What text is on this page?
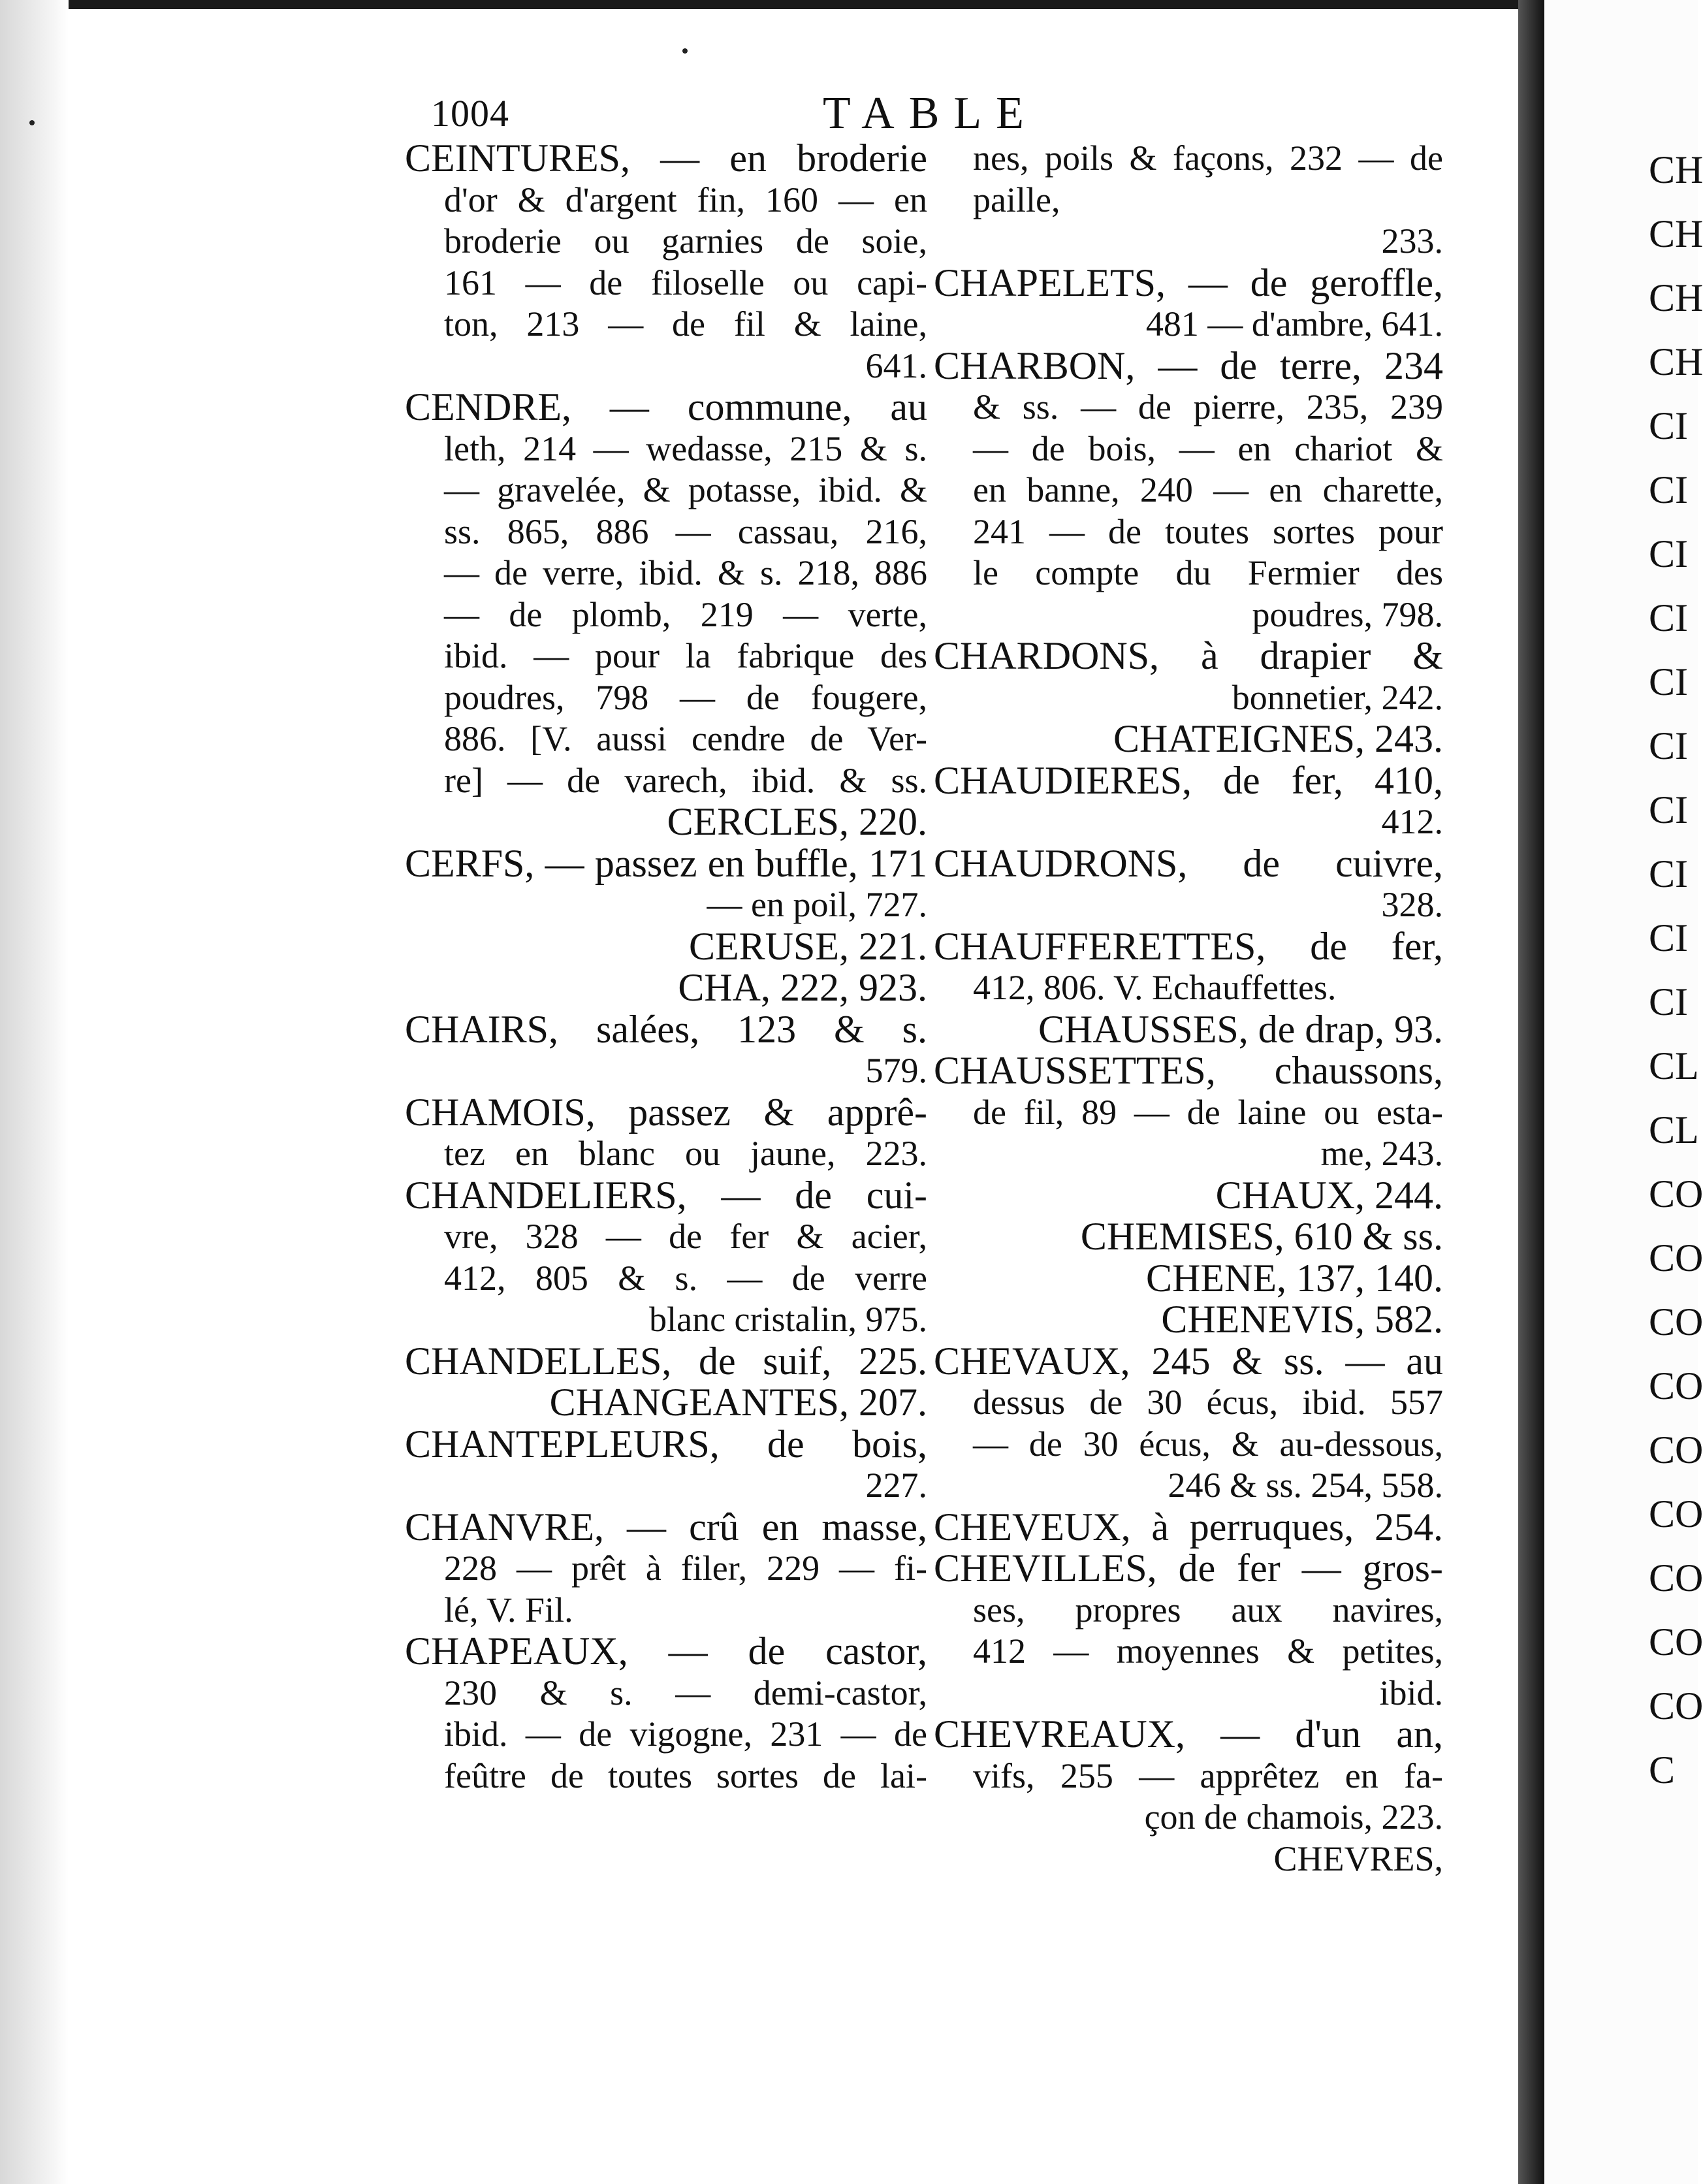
1004	TABLE
CEINTURES, — en broderie
d'or & d'argent fin, 160 — en
broderie ou garnies de soie,
161 — de filoselle ou capi-
ton, 213 — de fil & laine,
641.
CENDRE, — commune, au
leth, 214 — wedasse, 215 & s.
— gravelée, & potasse, ibid. &
ss. 865, 886 — cassau, 216,
— de verre, ibid. & s. 218, 886
— de plomb, 219 — verte,
ibid. — pour la fabrique des
poudres, 798 — de fougere,
886. [V. aussi cendre de Ver-
re] — de varech, ibid. & ss.
CERCLES, 220.
CERFS, — passez en buffle, 171
— en poil, 727.
CERUSE, 221.
CHA, 222, 923.
CHAIRS, salées, 123 & s.
579.
CHAMOIS, passez & apprê-
tez en blanc ou jaune, 223.
CHANDELIERS, — de cui-
vre, 328 — de fer & acier,
412, 805 & s. — de verre
blanc cristalin, 975.
CHANDELLES, de suif, 225.
CHANGEANTES, 207.
CHANTEPLEURS, de bois,
227.
CHANVRE, — crû en masse,
228 — prêt à filer, 229 — fi-
lé, V. Fil.
CHAPEAUX, — de castor,
230 & s. — demi-castor,
ibid. — de vigogne, 231 — de
feûtre de toutes sortes de lai-
nes, poils & façons, 232 — de
paille,
233.
CHAPELETS, — de geroffle,
481 — d'ambre, 641.
CHARBON, — de terre, 234
& ss. — de pierre, 235, 239
— de bois, — en chariot &
en banne, 240 — en charette,
241 — de toutes sortes pour
le compte du Fermier des
poudres, 798.
CHARDONS, à drapier &
bonnetier, 242.
CHATEIGNES, 243.
CHAUDIERES, de fer, 410,
412.
CHAUDRONS, de cuivre,
328.
CHAUFFERETTES, de fer,
412, 806. V. Echauffettes.
CHAUSSES, de drap, 93.
CHAUSSETTES, chaussons,
de fil, 89 — de laine ou esta-
me, 243.
CHAUX, 244.
CHEMISES, 610 & ss.
CHENE, 137, 140.
CHENEVIS, 582.
CHEVAUX, 245 & ss. — au
dessus de 30 écus, ibid. 557
— de 30 écus, & au-dessous,
246 & ss. 254, 558.
CHEVEUX, à perruques, 254.
CHEVILLES, de fer — gros-
ses, propres aux navires,
412 — moyennes & petites,
ibid.
CHEVREAUX, — d'un an,
vifs, 255 — apprêtez en fa-
çon de chamois, 223.
CHEVRES,
CH
CH
CH
CH
CI
CI
CI
CI
CI
CI
CI
CI
CI
CI
CL
CL
CO
CO
CO
CO
CO
CO
CO
CO
CO
C
